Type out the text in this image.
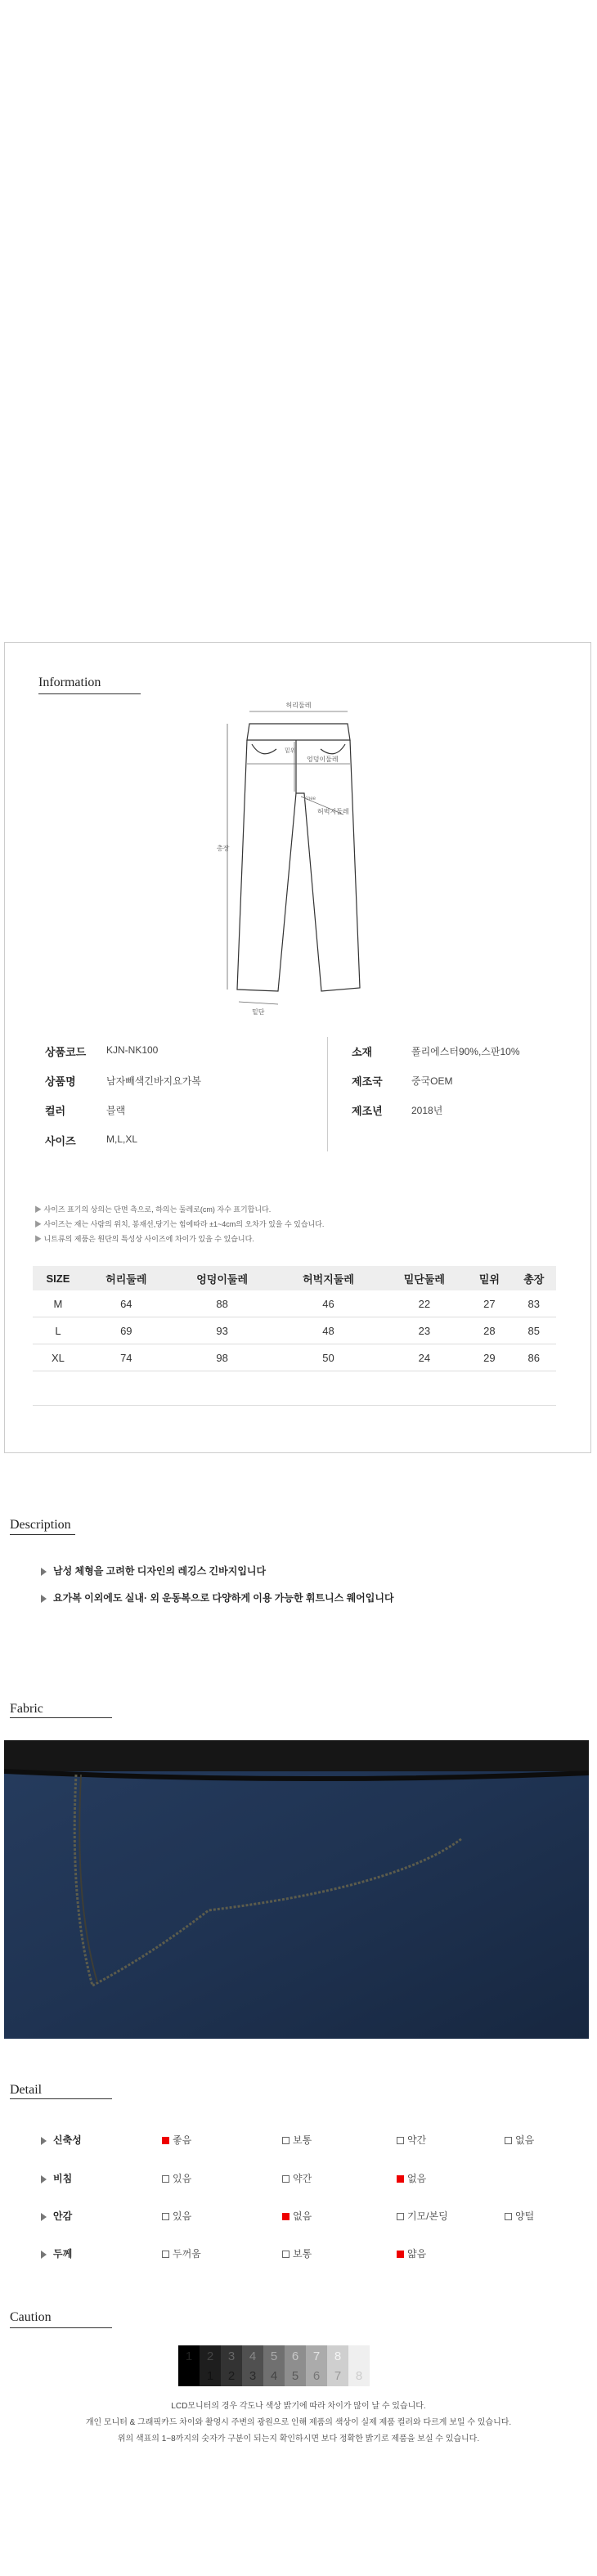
Information
허리둘레
총장
밑위
엉덩이둘레
Knee
허벅지둘레
밑단
상품코드 KJN-NK100
상품명	남자빼색긴바지요가복
컬러	블랙
사이즈	M,L,XL
소재	폴리에스터90%,스판10%
제조국	중국OEM
제조년	2018년
▶ 사이즈 표기의 상의는 단면 측으로, 하의는 둘레로(cm) 자수 표기합니다.
▶ 사이즈는 재는 사람의 위치, 봉재선,당기는 힘에따라 ±1~4cm의 오차가 있을 수 있습니다.
▶ 니트류의 제품은 원단의 특성상 사이즈에 차이가 있을 수 있습니다.
SIZE	허리둘레	엉덩이둘레	허벅지둘레	밑단둘레	밑위	총장
M	64	88	46	22	27	83
L	69	93	48	23	28	85
XL	74	98	50	24	29	86
Description
남성 체형을 고려한 디자인의 레깅스 긴바지입니다
요가복 이외에도 실내· 외 운동복으로 다양하게 이용 가능한 휘트니스 웨어입니다
Fabric
Detail
신축성	좋음	보통	약간	없음
비침	있음	약간	없음
안감	있음	없음	기모/본딩	양털
두께	두꺼움	보통	얇음
Caution
1	2	3	4	5	6	7	8
1	2	3	4	5	6	7	8
LCD모니터의 경우 각도나 색상 밝기에 따라 차이가 많이 날 수 있습니다.
개인 모니터 & 그래픽카드 차이와 촬영시 주변의 광원으로 인해 제품의 색상이 실제 제품 컬러와 다르게 보일 수 있습니다.
위의 색표의 1~8까지의 숫자가 구분이 되는지 확인하시면 보다 정확한 밝기로 제품을 보실 수 있습니다.
